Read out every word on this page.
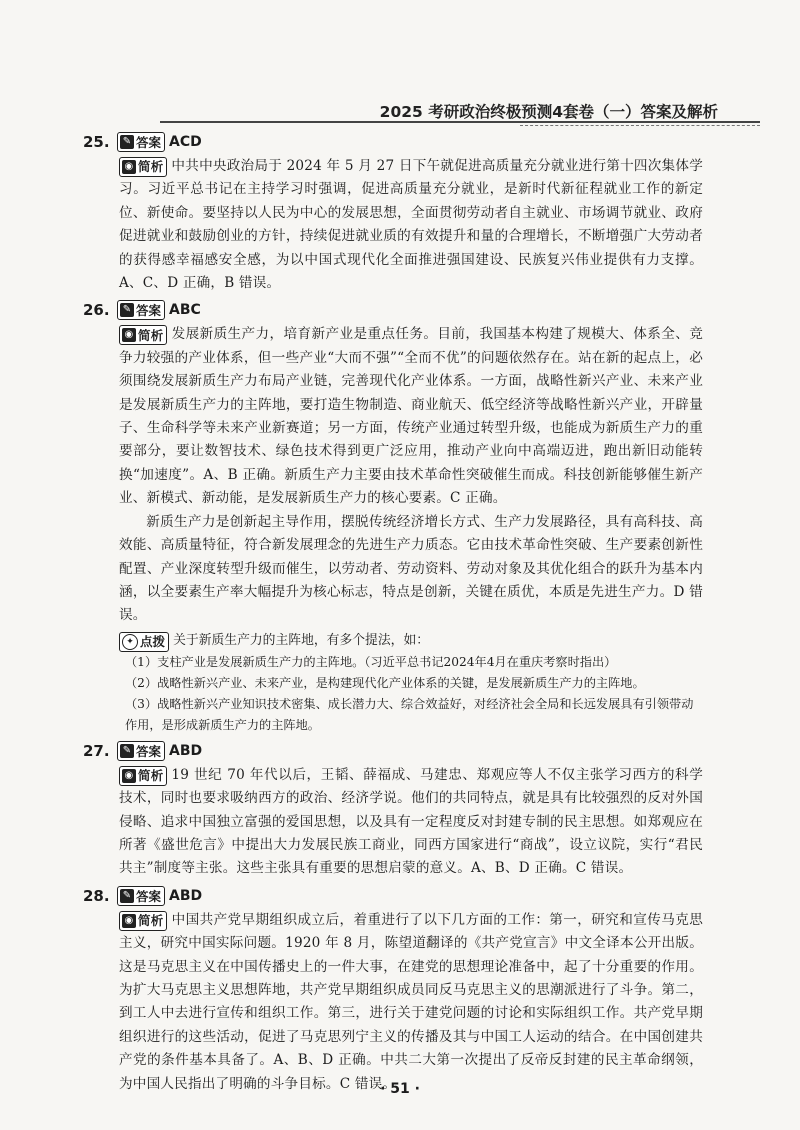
2025 考研政治终极预测4套卷（一）答案及解析
25.	✎ 答案 ACD
◉ 简析 中共中央政治局于 2024 年 5 月 27 日下午就促进高质量充分就业进行第十四次集体学习。习近平总书记在主持学习时强调，促进高质量充分就业，是新时代新征程就业工作的新定位、新使命。要坚持以人民为中心的发展思想，全面贯彻劳动者自主就业、市场调节就业、政府促进就业和鼓励创业的方针，持续促进就业质的有效提升和量的合理增长，不断增强广大劳动者的获得感幸福感安全感，为以中国式现代化全面推进强国建设、民族复兴伟业提供有力支撑。A、C、D 正确，B 错误。
26.	✎ 答案 ABC
◉ 简析 发展新质生产力，培育新产业是重点任务。目前，我国基本构建了规模大、体系全、竞争力较强的产业体系，但一些产业“大而不强”“全而不优”的问题依然存在。站在新的起点上，必须围绕发展新质生产力布局产业链，完善现代化产业体系。一方面，战略性新兴产业、未来产业是发展新质生产力的主阵地，要打造生物制造、商业航天、低空经济等战略性新兴产业，开辟量子、生命科学等未来产业新赛道；另一方面，传统产业通过转型升级，也能成为新质生产力的重要部分，要让数智技术、绿色技术得到更广泛应用，推动产业向中高端迈进，跑出新旧动能转换“加速度”。A、B 正确。新质生产力主要由技术革命性突破催生而成。科技创新能够催生新产业、新模式、新动能，是发展新质生产力的核心要素。C 正确。
新质生产力是创新起主导作用，摆脱传统经济增长方式、生产力发展路径，具有高科技、高效能、高质量特征，符合新发展理念的先进生产力质态。它由技术革命性突破、生产要素创新性配置、产业深度转型升级而催生，以劳动者、劳动资料、劳动对象及其优化组合的跃升为基本内涵，以全要素生产率大幅提升为核心标志，特点是创新，关键在质优，本质是先进生产力。D 错误。
✦ 点拨 关于新质生产力的主阵地，有多个提法，如：
（1）支柱产业是发展新质生产力的主阵地。（习近平总书记2024年4月在重庆考察时指出）
（2）战略性新兴产业、未来产业，是构建现代化产业体系的关键，是发展新质生产力的主阵地。
（3）战略性新兴产业知识技术密集、成长潜力大、综合效益好，对经济社会全局和长远发展具有引领带动作用，是形成新质生产力的主阵地。
27.	✎ 答案 ABD
◉ 简析 19 世纪 70 年代以后，王韬、薛福成、马建忠、郑观应等人不仅主张学习西方的科学技术，同时也要求吸纳西方的政治、经济学说。他们的共同特点，就是具有比较强烈的反对外国侵略、追求中国独立富强的爱国思想，以及具有一定程度反对封建专制的民主思想。如郑观应在所著《盛世危言》中提出大力发展民族工商业，同西方国家进行“商战”，设立议院，实行“君民共主”制度等主张。这些主张具有重要的思想启蒙的意义。A、B、D 正确。C 错误。
28.	✎ 答案 ABD
◉ 简析 中国共产党早期组织成立后，着重进行了以下几方面的工作：第一，研究和宣传马克思主义，研究中国实际问题。1920 年 8 月，陈望道翻译的《共产党宣言》中文全译本公开出版。这是马克思主义在中国传播史上的一件大事，在建党的思想理论准备中，起了十分重要的作用。为扩大马克思主义思想阵地，共产党早期组织成员同反马克思主义的思潮派进行了斗争。第二，到工人中去进行宣传和组织工作。第三，进行关于建党问题的讨论和实际组织工作。共产党早期组织进行的这些活动，促进了马克思列宁主义的传播及其与中国工人运动的结合。在中国创建共产党的条件基本具备了。A、B、D 正确。中共二大第一次提出了反帝反封建的民主革命纲领，为中国人民指出了明确的斗争目标。C 错误。
· 51 ·
